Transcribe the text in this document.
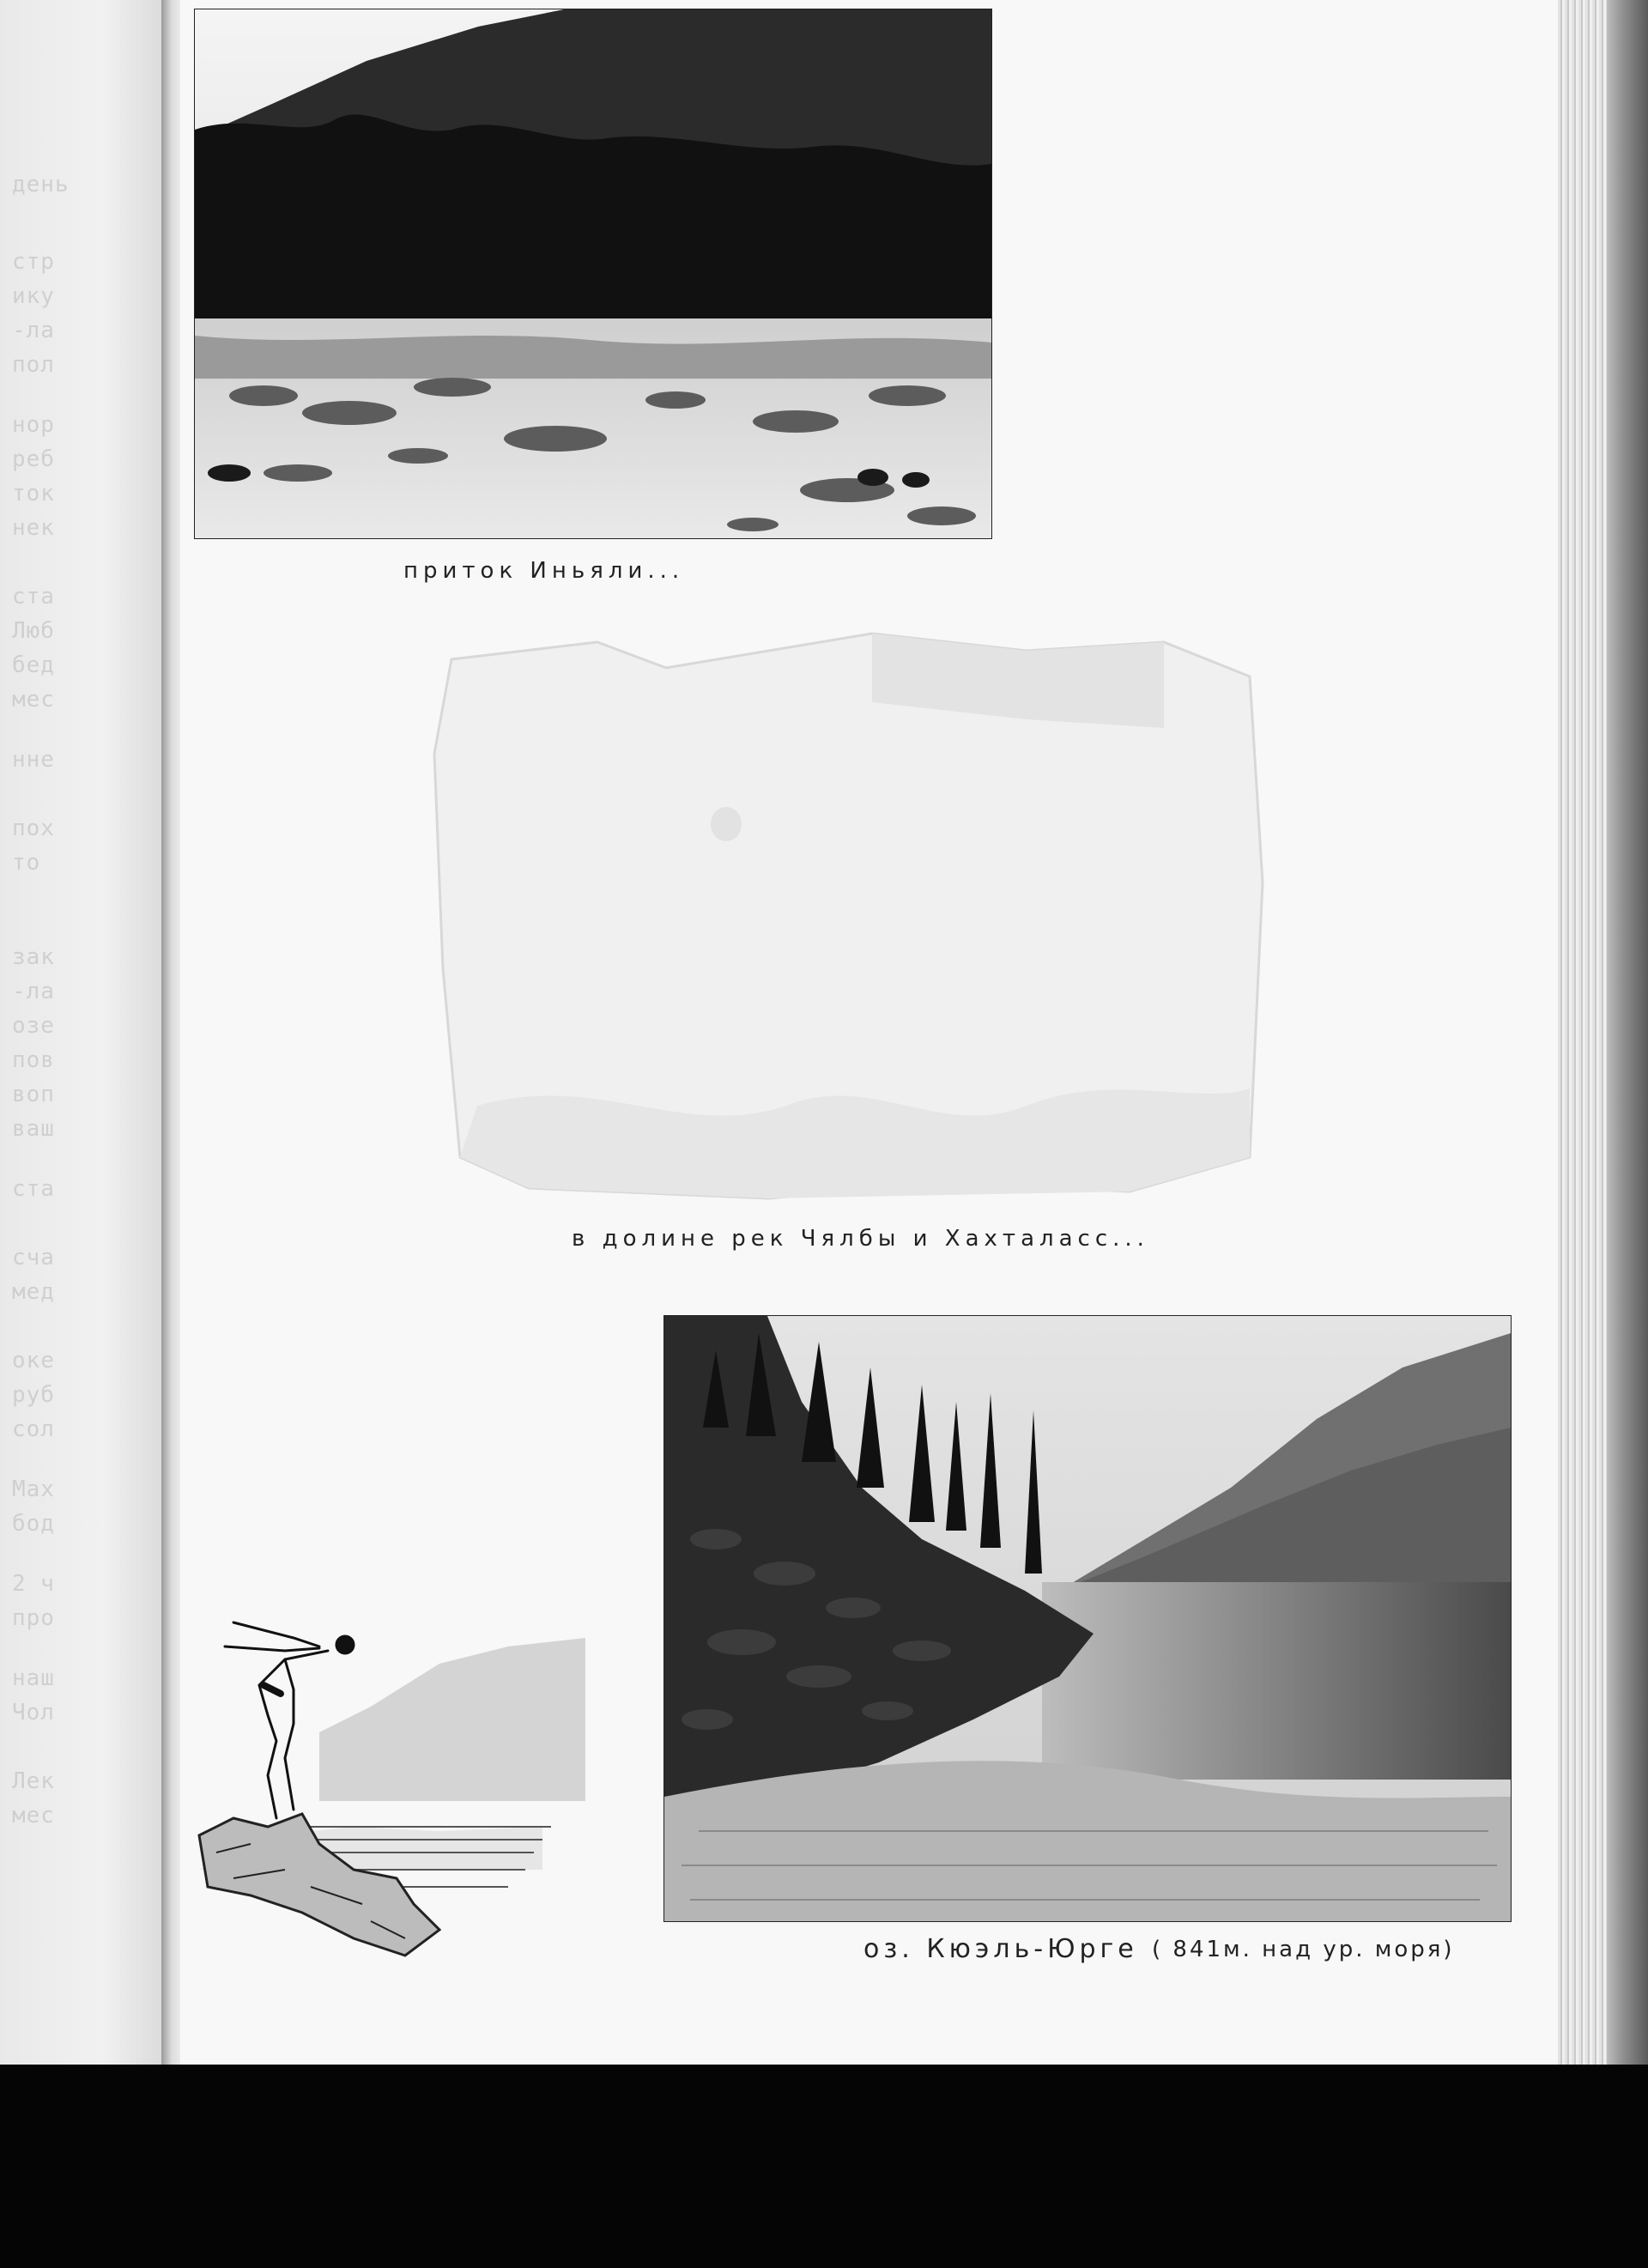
день
стр
ику
-ла
пол
нор
реб
ток
нек
ста
Люб
бед
мес
нне
пох
то
зак
-ла
озе
пов
воп
ваш
ста
сча
мед
оке
руб
сол
Мах
бод
2 ч
про
наш
Чол
Лек
мес
приток Иньяли...
в долине рек Чялбы и Хахталасс...
оз. Кюэль-Юрге ( 841м. над ур. моря)
